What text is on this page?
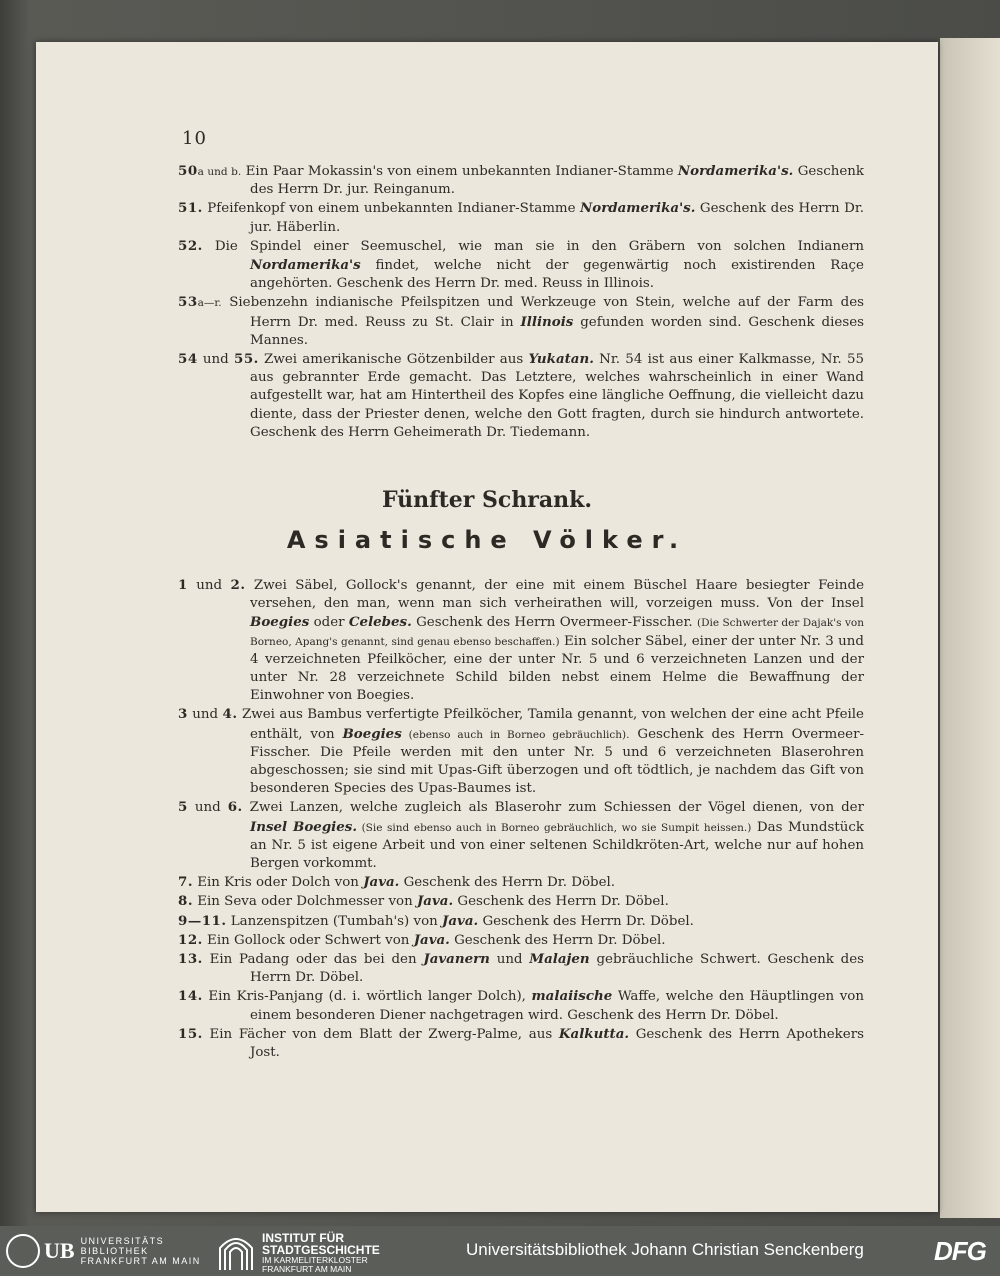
10

50a und b. Ein Paar Mokassin's von einem unbekannten Indianer-Stamme Nordamerika's. Geschenk des Herrn Dr. jur. Reinganum.

51. Pfeifenkopf von einem unbekannten Indianer-Stamme Nordamerika's. Geschenk des Herrn Dr. jur. Häberlin.

52. Die Spindel einer Seemuschel, wie man sie in den Gräbern von solchen Indianern Nordamerika's findet, welche nicht der gegenwärtig noch existirenden Raçe angehörten. Geschenk des Herrn Dr. med. Reuss in Illinois.

53a—r. Siebenzehn indianische Pfeilspitzen und Werkzeuge von Stein, welche auf der Farm des Herrn Dr. med. Reuss zu St. Clair in Illinois gefunden worden sind. Geschenk dieses Mannes.

54 und 55. Zwei amerikanische Götzenbilder aus Yukatan. Nr. 54 ist aus einer Kalkmasse, Nr. 55 aus gebrannter Erde gemacht. Das Letztere, welches wahrscheinlich in einer Wand aufgestellt war, hat am Hintertheil des Kopfes eine längliche Oeffnung, die vielleicht dazu diente, dass der Priester denen, welche den Gott fragten, durch sie hindurch antwortete. Geschenk des Herrn Geheimerath Dr. Tiedemann.

Fünfter Schrank.
Asiatische Völker.

1 und 2. Zwei Säbel, Gollock's genannt, der eine mit einem Büschel Haare besiegter Feinde versehen, den man, wenn man sich verheirathen will, vorzeigen muss. Von der Insel Boegies oder Celebes. Geschenk des Herrn Overmeer-Fisscher. (Die Schwerter der Dajak's von Borneo, Apang's genannt, sind genau ebenso beschaffen.) Ein solcher Säbel, einer der unter Nr. 3 und 4 verzeichneten Pfeilköcher, eine der unter Nr. 5 und 6 verzeichneten Lanzen und der unter Nr. 28 verzeichnete Schild bilden nebst einem Helme die Bewaffnung der Einwohner von Boegies.

3 und 4. Zwei aus Bambus verfertigte Pfeilköcher, Tamila genannt, von welchen der eine acht Pfeile enthält, von Boegies (ebenso auch in Borneo gebräuchlich). Geschenk des Herrn Overmeer-Fisscher. Die Pfeile werden mit den unter Nr. 5 und 6 verzeichneten Blaserohren abgeschossen; sie sind mit Upas-Gift überzogen und oft tödtlich, je nachdem das Gift von besonderen Species des Upas-Baumes ist.

5 und 6. Zwei Lanzen, welche zugleich als Blaserohr zum Schiessen der Vögel dienen, von der Insel Boegies. (Sie sind ebenso auch in Borneo gebräuchlich, wo sie Sumpit heissen.) Das Mundstück an Nr. 5 ist eigene Arbeit und von einer seltenen Schildkröten-Art, welche nur auf hohen Bergen vorkommt.

7. Ein Kris oder Dolch von Java. Geschenk des Herrn Dr. Döbel.

8. Ein Seva oder Dolchmesser von Java. Geschenk des Herrn Dr. Döbel.

9—11. Lanzenspitzen (Tumbah's) von Java. Geschenk des Herrn Dr. Döbel.

12. Ein Gollock oder Schwert von Java. Geschenk des Herrn Dr. Döbel.

13. Ein Padang oder das bei den Javanern und Malajen gebräuchliche Schwert. Geschenk des Herrn Dr. Döbel.

14. Ein Kris-Panjang (d. i. wörtlich langer Dolch), malaiische Waffe, welche den Häuptlingen von einem besonderen Diener nachgetragen wird. Geschenk des Herrn Dr. Döbel.

15. Ein Fächer von dem Blatt der Zwerg-Palme, aus Kalkutta. Geschenk des Herrn Apothekers Jost.

UB UNIVERSITÄTS
BIBLIOTHEK
FRANKFURT AM MAIN
INSTITUT FÜR
STADTGESCHICHTE
IM KARMELITERKLOSTER
FRANKFURT AM MAIN
Universitätsbibliothek Johann Christian Senckenberg	DFG
